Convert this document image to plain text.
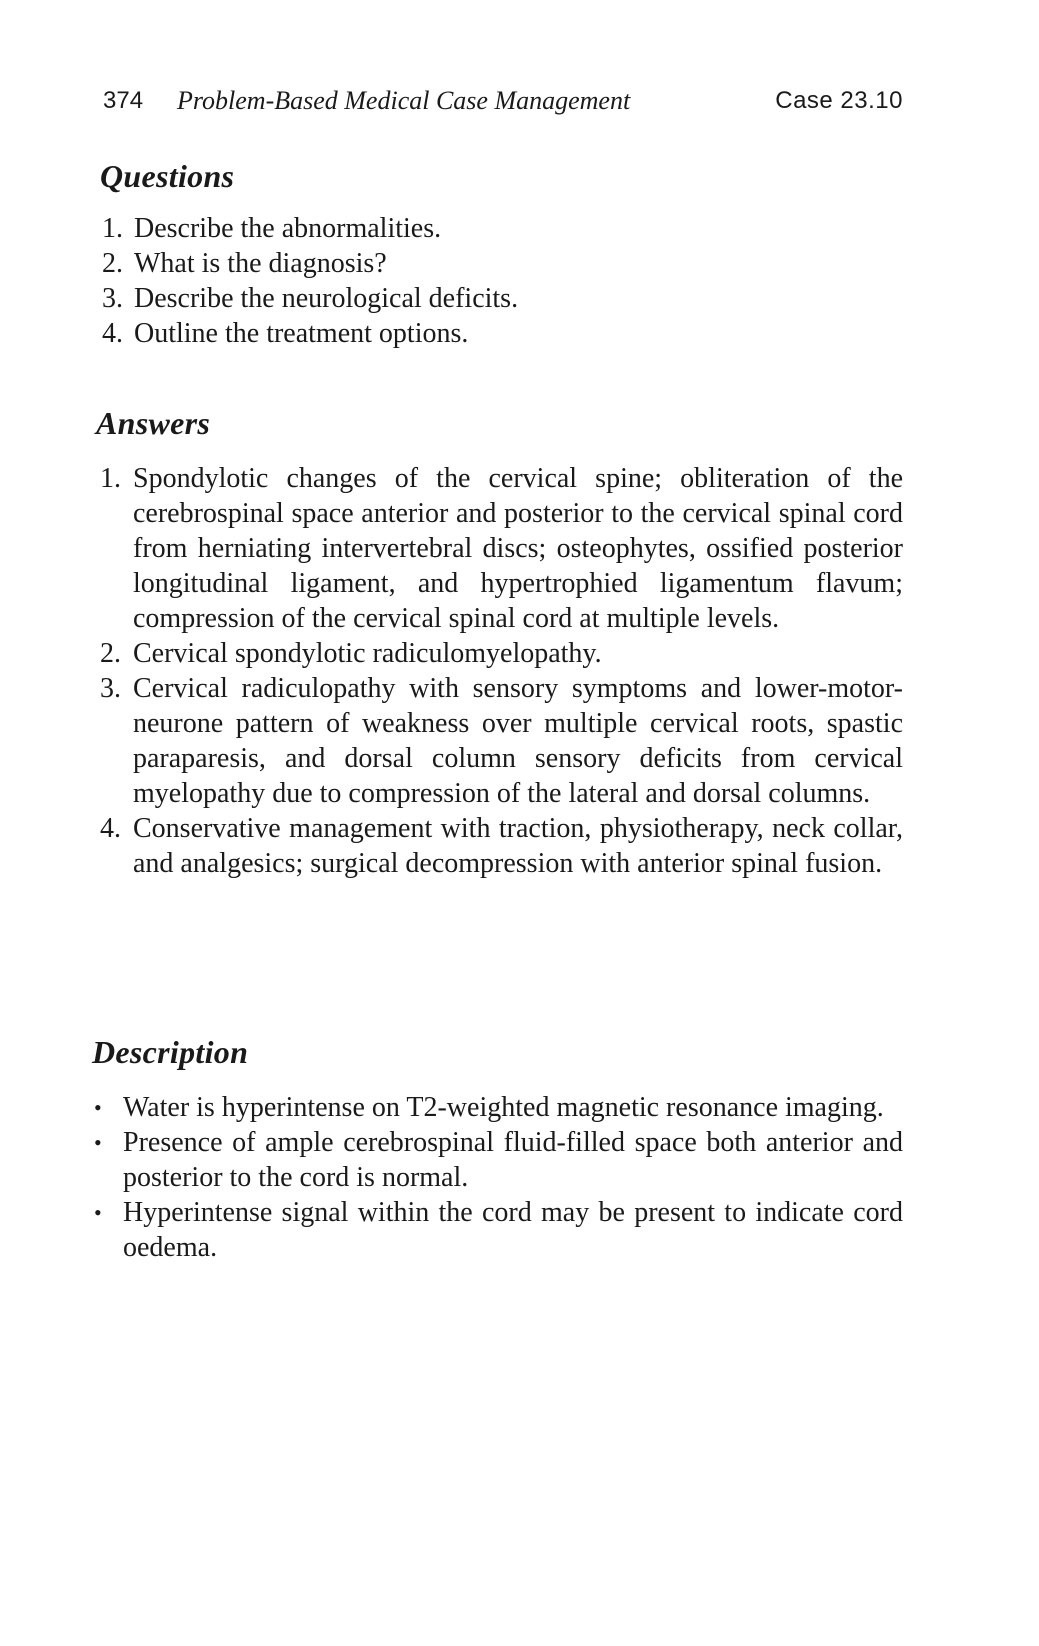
374 Problem-Based Medical Case Management	Case 23.10
Questions
1. Describe the abnormalities.
2. What is the diagnosis?
3. Describe the neurological deficits.
4. Outline the treatment options.
Answers
1. Spondylotic changes of the cervical spine; obliteration of the cerebrospinal space anterior and posterior to the cervical spinal cord from herniating intervertebral discs; osteophytes, ossified posterior longitudinal ligament, and hypertrophied ligamentum flavum; compression of the cervical spinal cord at multiple levels.
2. Cervical spondylotic radiculomyelopathy.
3. Cervical radiculopathy with sensory symptoms and lower-motor-neurone pattern of weakness over multiple cervical roots, spastic paraparesis, and dorsal column sensory deficits from cervical myelopathy due to compression of the lateral and dorsal columns.
4. Conservative management with traction, physiotherapy, neck collar, and analgesics; surgical decompression with anterior spinal fusion.
Description
• Water is hyperintense on T2-weighted magnetic resonance imaging.
• Presence of ample cerebrospinal fluid-filled space both anterior and posterior to the cord is normal.
• Hyperintense signal within the cord may be present to indicate cord oedema.
